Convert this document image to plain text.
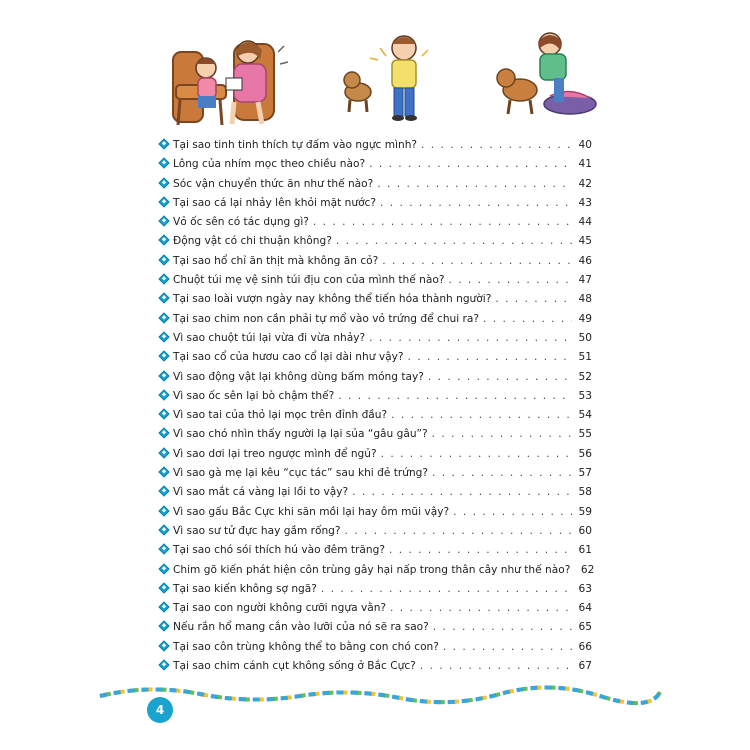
Tại sao tinh tinh thích tự đấm vào ngực mình? . . .	40
Lông của nhím mọc theo chiều nào? . . .	41
Sóc vận chuyển thức ăn như thế nào? . . .	42
Tại sao cá lại nhảy lên khỏi mặt nước? . . .	43
Vỏ ốc sên có tác dụng gì? . . .	44
Động vật có chi thuận không? . . .	45
Tại sao hổ chỉ ăn thịt mà không ăn cỏ? . . .	46
Chuột túi mẹ vệ sinh túi địu con của mình thế nào? . . .	47
Tại sao loài vượn ngày nay không thể tiến hóa thành người? . . .	48
Tại sao chim non cần phải tự mổ vào vỏ trứng để chui ra? . . .	49
Vì sao chuột túi lại vừa đi vừa nhảy? . . .	50
Tại sao cổ của hươu cao cổ lại dài như vậy? . . .	51
Vì sao động vật lại không dùng bấm móng tay? . . .	52
Vì sao ốc sên lại bò chậm thế? . . .	53
Vì sao tai của thỏ lại mọc trên đỉnh đầu? . . .	54
Vì sao chó nhìn thấy người lạ lại sủa “gâu gâu”? . . .	55
Vì sao dơi lại treo ngược mình để ngủ? . . .	56
Vì sao gà mẹ lại kêu “cục tác” sau khi đẻ trứng? . . .	57
Vì sao mắt cá vàng lại lồi to vậy? . . .	58
Vì sao gấu Bắc Cực khi săn mồi lại hay ôm mũi vậy? . . .	59
Vì sao sư tử đực hay gầm rống? . . .	60
Tại sao chó sói thích hú vào đêm trăng? . . .	61
Chim gõ kiến phát hiện côn trùng gây hại nấp trong thân cây như thế nào? 62
Tại sao kiến không sợ ngã? . . .	63
Tại sao con người không cưỡi ngựa vằn? . . .	64
Nếu rắn hổ mang cắn vào lưỡi của nó sẽ ra sao? . . .	65
Tại sao côn trùng không thể to bằng con chó con? . . .	66
Tại sao chim cánh cụt không sống ở Bắc Cực? . . .	67
4
